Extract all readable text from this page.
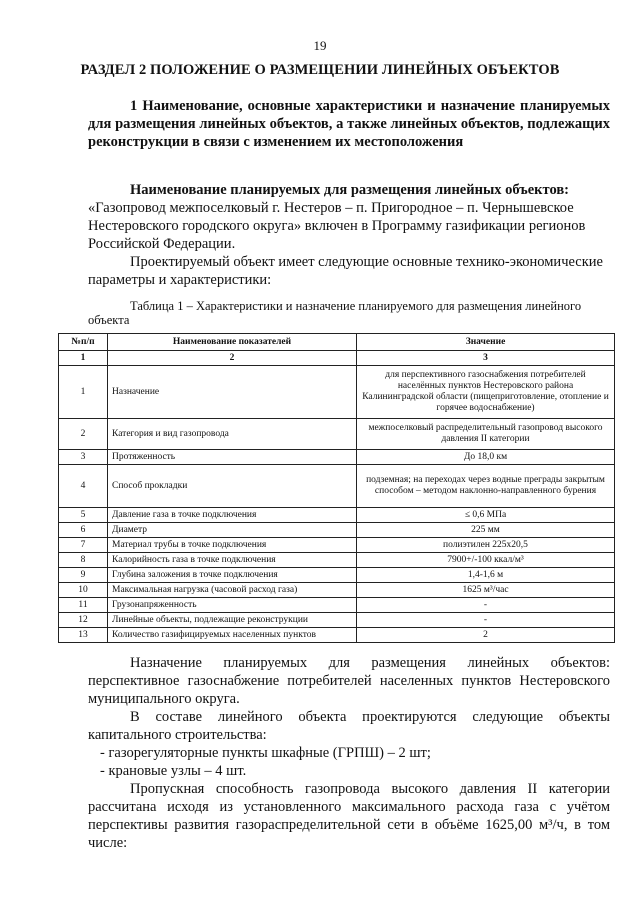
19
РАЗДЕЛ 2 ПОЛОЖЕНИЕ О РАЗМЕЩЕНИИ ЛИНЕЙНЫХ ОБЪЕКТОВ
1 Наименование, основные характеристики и назначение планируемых для размещения линейных объектов, а также линейных объектов, подлежащих реконструкции в связи с изменением их местоположения
Наименование планируемых для размещения линейных объектов:
«Газопровод межпоселковый г. Нестеров – п. Пригородное – п. Чернышевское Нестеровского городского округа» включен в Программу газификации регионов Российской Федерации.
Проектируемый объект имеет следующие основные технико-экономические параметры и характеристики:
Таблица 1 – Характеристики и назначение планируемого для размещения линейного объекта
№п/п	Наименование показателей	Значение
1	2	3
1	Назначение	для перспективного газоснабжения потребителей населённых пунктов Нестеровского района Калининградской области (пищеприготовление, отопление и горячее водоснабжение)
2	Категория и вид газопровода	межпоселковый распределительный газопровод высокого давления II категории
3	Протяженность	До 18,0 км
4	Способ прокладки	подземная; на переходах через водные преграды закрытым способом – методом наклонно-направленного бурения
5	Давление газа в точке подключения	≤ 0,6 МПа
6	Диаметр	225 мм
7	Материал трубы в точке подключения	полиэтилен 225х20,5
8	Калорийность газа в точке подключения	7900+/-100 ккал/м³
9	Глубина заложения в точке подключения	1,4-1,6 м
10	Максимальная нагрузка (часовой расход газа)	1625 м³/час
11	Грузонапряженность	-
12	Линейные объекты, подлежащие реконструкции	-
13	Количество газифицируемых населенных пунктов	2
Назначение планируемых для размещения линейных объектов: перспективное газоснабжение потребителей населенных пунктов Нестеровского муниципального округа.
В составе линейного объекта проектируются следующие объекты капитального строительства:
- газорегуляторные пункты шкафные (ГРПШ) – 2 шт;
- крановые узлы – 4 шт.
Пропускная способность газопровода высокого давления II категории рассчитана исходя из установленного максимального расхода газа с учётом перспективы развития газораспределительной сети в объёме 1625,00 м³/ч, в том числе:
